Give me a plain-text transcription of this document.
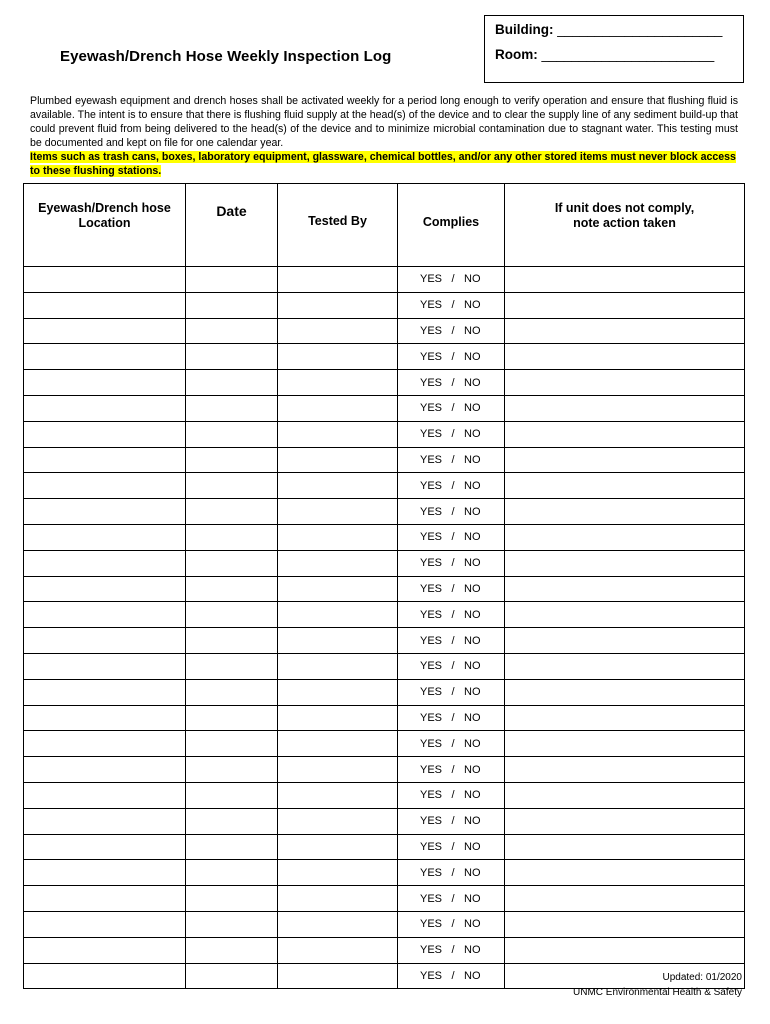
Eyewash/Drench Hose Weekly Inspection Log
Building: ______________________
Room: _______________________
Plumbed eyewash equipment and drench hoses shall be activated weekly for a period long enough to verify operation and ensure that flushing fluid is available. The intent is to ensure that there is flushing fluid supply at the head(s) of the device and to clear the supply line of any sediment build-up that could prevent fluid from being delivered to the head(s) of the device and to minimize microbial contamination due to stagnant water. This testing must be documented and kept on file for one calendar year.
Items such as trash cans, boxes, laboratory equipment, glassware, chemical bottles, and/or any other stored items must never block access to these flushing stations.
Eyewash/Drench hose
Location	Date	Tested By	Complies	If unit does not comply,
note action taken
			YES / NO	
			YES / NO	
			YES / NO	
			YES / NO	
			YES / NO	
			YES / NO	
			YES / NO	
			YES / NO	
			YES / NO	
			YES / NO	
			YES / NO	
			YES / NO	
			YES / NO	
			YES / NO	
			YES / NO	
			YES / NO	
			YES / NO	
			YES / NO	
			YES / NO	
			YES / NO	
			YES / NO	
			YES / NO	
			YES / NO	
			YES / NO	
			YES / NO	
			YES / NO	
			YES / NO	
			YES / NO		Updated: 01/2020
UNMC Environmental Health & Safety
